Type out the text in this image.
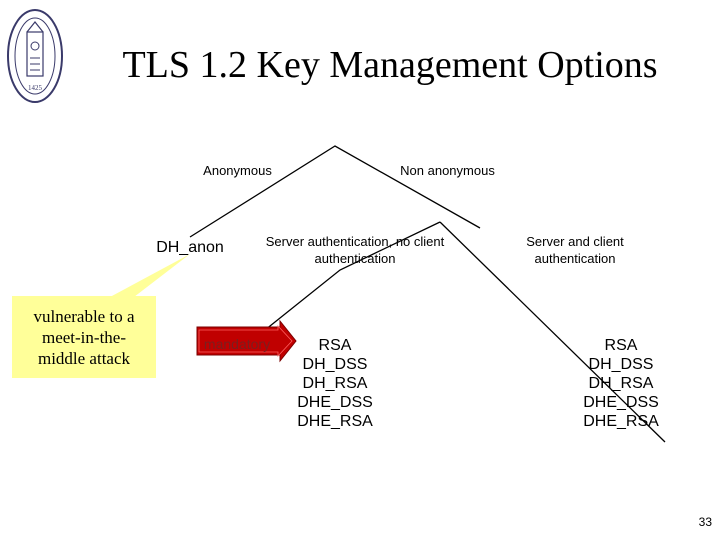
1425
TLS 1.2 Key Management Options
Anonymous	Non anonymous
DH_anon	Server authentication, no client authentication
Server and client authentication
RSA
DH_DSS
DH_RSA
DHE_DSS
DHE_RSA
RSA
DH_DSS
DH_RSA
DHE_DSS
DHE_RSA
vulnerable to a
meet-in-the-
middle attack
mandatory
33
